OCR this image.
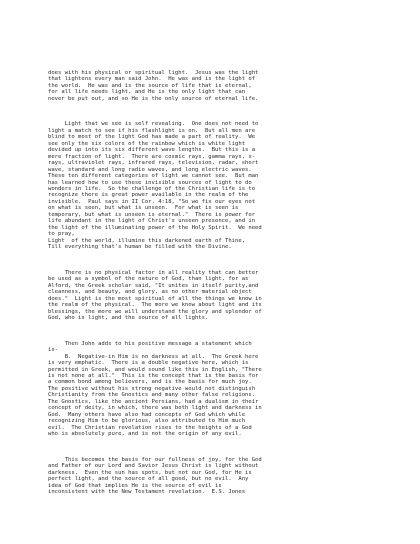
does with his physical or spiritual light.  Jesus was the light
that lightens every man said John.  He was and is the light of
the world.  He was and is the source of life that is eternal,
for all life needs light, and He is the only light that can
never be put out, and so He is the only source of eternal life.

Light that we see is self revealing.  One does not need to
light a match to see if his flashlight is on.  But all men are
blind to most of the light God has made a part of reality.  We
see only the six colors of the rainbow which is white light
devided up into its six different wave lengths.  But this is a
mere fraction of light.  There are cosmic rays, gamma rays, x-
rays, ultraviolet rays, infrared rays, television, radar, short
wave, standard and long radio waves, and long electric waves.
These ten different categories of light we cannot see.  But man
has learned how to use these invisible sources of light to do
wonders in life.  So the challenge of the Christian life is to
recognize there is great power available in the realm of the
invisible.  Paul says in II Cor. 4:18, "So we fix our eyes not
on what is seen, but what is unseen.  For what is seen is
temporary, but what is unseen is eternal."  There is power for
life abundant in the light of Christ's unseen presence, and in
the light of the illuminating power of the Holy Spirit.  We need
to pray,
Light  of the world, illumine this darkened earth of Thine,
Till everything that's human be filled with the Divine.

There is no physical factor in all reality that can better
be used as a symbol of the nature of God, than light, for as
Alford, the Greek scholar said, "It unites in itself purity,and
cleanness, and beauty, and glory, as no other material object
does."  Light is the most spiritual of all the things we know in
the realm of the physical.  The more we know about light and its
blessings, the more we will understand the glory and splendor of
God, who is light, and the source of all lights.

Then John adds to his positive message a statement which
is-
B.  Negative-in Him is no darkness at all.  The Greek here
is very emphatic.  There is a double negative here, which is
permitted in Greek, and would sound like this in English, "There
is not none at all."  This is the concept that is the basis for
a common bond among believers, and is the basis for much joy.
The positive without his strong negative would not distinguish
Christianity from the Gnostics and many other false religions.
The Gnostics, like the ancient Persians, had a dualism in their
concept of deity, in which, there was both light and darkness in
God.  Many others have also had concepts of God which while
recognizing Him to be glorious, also attributed to Him much
evil.  The Christian revelation rises to the heights of a God
who is absolutely pure, and is not the origin of any evil.

This becomes the basis for our fullness of joy, for the God
and Father of our Lord and Savior Jesus Christ is light without
darkness.  Even the sun has spots, but not our God, for He is
perfect light, and the source of all good, but no evil.  Any
idea of God that implies He is the source of evil is
inconsistent with the New Testament revelation.  E.S. Jones
